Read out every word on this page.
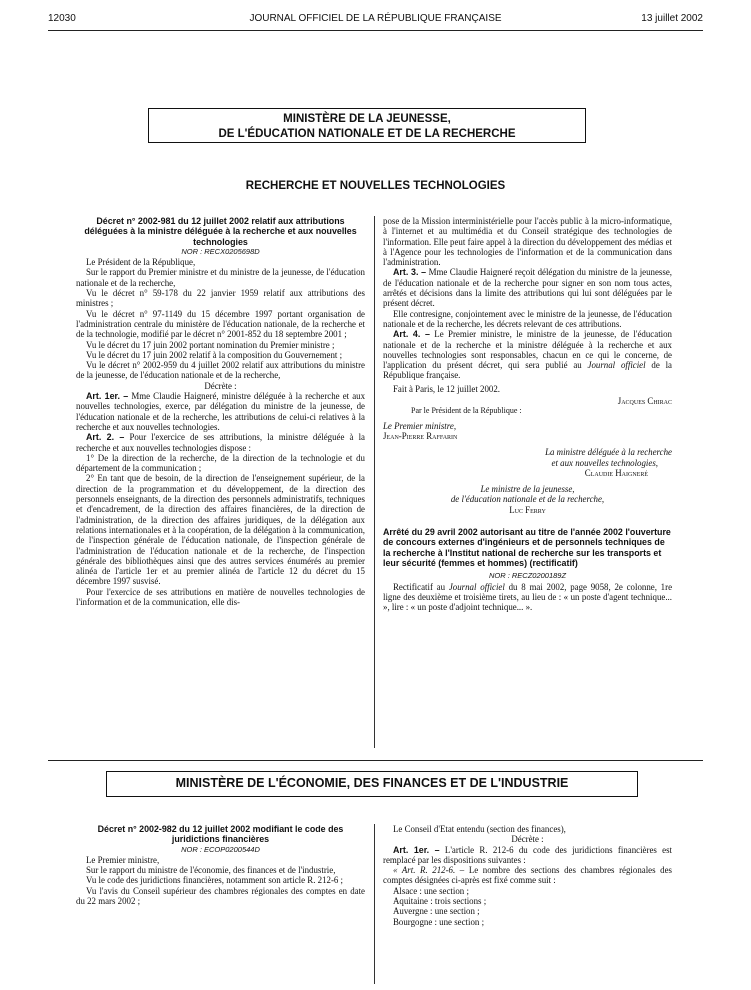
12030	JOURNAL OFFICIEL DE LA RÉPUBLIQUE FRANÇAISE	13 juillet 2002
MINISTÈRE DE LA JEUNESSE,
DE L'ÉDUCATION NATIONALE ET DE LA RECHERCHE
RECHERCHE ET NOUVELLES TECHNOLOGIES

Décret n° 2002-981 du 12 juillet 2002 relatif aux attributions déléguées à la ministre déléguée à la recherche et aux nouvelles technologies

NOR : RECX0205698D

Le Président de la République,

Sur le rapport du Premier ministre et du ministre de la jeunesse, de l'éducation nationale et de la recherche,

Vu le décret n° 59-178 du 22 janvier 1959 relatif aux attributions des ministres ;

Vu le décret n° 97-1149 du 15 décembre 1997 portant organisation de l'administration centrale du ministère de l'éducation nationale, de la recherche et de la technologie, modifié par le décret n° 2001-852 du 18 septembre 2001 ;

Vu le décret du 17 juin 2002 portant nomination du Premier ministre ;

Vu le décret du 17 juin 2002 relatif à la composition du Gouvernement ;

Vu le décret n° 2002-959 du 4 juillet 2002 relatif aux attributions du ministre de la jeunesse, de l'éducation nationale et de la recherche,

Décrète :

Art. 1er. – Mme Claudie Haigneré, ministre déléguée à la recherche et aux nouvelles technologies, exerce, par délégation du ministre de la jeunesse, de l'éducation nationale et de la recherche, les attributions de celui-ci relatives à la recherche et aux nouvelles technologies.

Art. 2. – Pour l'exercice de ses attributions, la ministre déléguée à la recherche et aux nouvelles technologies dispose :

1° De la direction de la recherche, de la direction de la technologie et du département de la communication ;

2° En tant que de besoin, de la direction de l'enseignement supérieur, de la direction de la programmation et du développement, de la direction des personnels enseignants, de la direction des personnels administratifs, techniques et d'encadrement, de la direction des affaires financières, de la direction de l'administration, de la direction des affaires juridiques, de la délégation aux relations internationales et à la coopération, de la délégation à la communication, de l'inspection générale de l'éducation nationale, de l'inspection générale de l'administration de l'éducation nationale et de la recherche, de l'inspection générale des bibliothèques ainsi que des autres services énumérés au premier alinéa de l'article 1er et au premier alinéa de l'article 12 du décret du 15 décembre 1997 susvisé.

Pour l'exercice de ses attributions en matière de nouvelles technologies de l'information et de la communication, elle dis-

pose de la Mission interministérielle pour l'accès public à la micro-informatique, à l'internet et au multimédia et du Conseil stratégique des technologies de l'information. Elle peut faire appel à la direction du développement des médias et à l'Agence pour les technologies de l'information et de la communication dans l'administration.

Art. 3. – Mme Claudie Haigneré reçoit délégation du ministre de la jeunesse, de l'éducation nationale et de la recherche pour signer en son nom tous actes, arrêtés et décisions dans la limite des attributions qui lui sont déléguées par le présent décret.

Elle contresigne, conjointement avec le ministre de la jeunesse, de l'éducation nationale et de la recherche, les décrets relevant de ces attributions.

Art. 4. – Le Premier ministre, le ministre de la jeunesse, de l'éducation nationale et de la recherche et la ministre déléguée à la recherche et aux nouvelles technologies sont responsables, chacun en ce qui le concerne, de l'application du présent décret, qui sera publié au Journal officiel de la République française.

Fait à Paris, le 12 juillet 2002.

Jacques Chirac

Par le Président de la République :

Le Premier ministre,

Jean-Pierre Raffarin

La ministre déléguée à la recherche

et aux nouvelles technologies,

Claudie Haigneré

Le ministre de la jeunesse,

de l'éducation nationale et de la recherche,

Luc Ferry

Arrêté du 29 avril 2002 autorisant au titre de l'année 2002 l'ouverture de concours externes d'ingénieurs et de personnels techniques de la recherche à l'Institut national de recherche sur les transports et leur sécurité (femmes et hommes) (rectificatif)

NOR : RECZ0200189Z

Rectificatif au Journal officiel du 8 mai 2002, page 9058, 2e colonne, 1re ligne des deuxième et troisième tirets, au lieu de : « un poste d'agent technique... », lire : « un poste d'adjoint technique... ».

MINISTÈRE DE L'ÉCONOMIE, DES FINANCES ET DE L'INDUSTRIE

Décret n° 2002-982 du 12 juillet 2002 modifiant le code des juridictions financières

NOR : ECOP0200544D

Le Premier ministre,

Sur le rapport du ministre de l'économie, des finances et de l'industrie,

Vu le code des juridictions financières, notamment son article R. 212-6 ;

Vu l'avis du Conseil supérieur des chambres régionales des comptes en date du 22 mars 2002 ;

Le Conseil d'Etat entendu (section des finances),

Décrète :

Art. 1er. – L'article R. 212-6 du code des juridictions financières est remplacé par les dispositions suivantes :

« Art. R. 212-6. – Le nombre des sections des chambres régionales des comptes désignées ci-après est fixé comme suit :

Alsace : une section ;

Aquitaine : trois sections ;

Auvergne : une section ;

Bourgogne : une section ;
